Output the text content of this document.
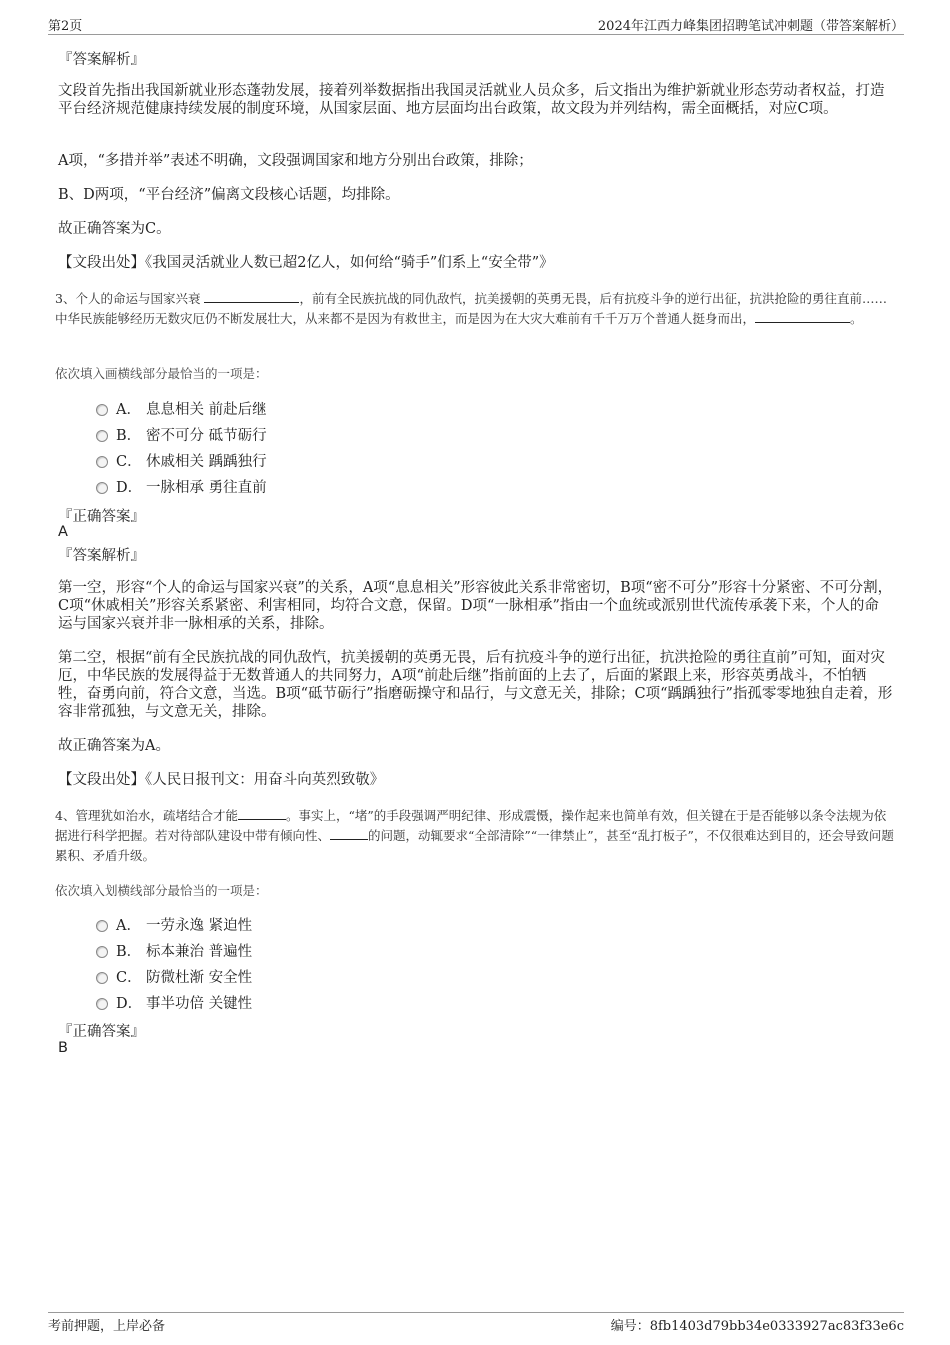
第2页	2024年江西力峰集团招聘笔试冲刺题（带答案解析）
『答案解析』
文段首先指出我国新就业形态蓬勃发展，接着列举数据指出我国灵活就业人员众多，后文指出为维护新就业形态劳动者权益，打造平台经济规范健康持续发展的制度环境，从国家层面、地方层面均出台政策，故文段为并列结构，需全面概括，对应C项。
A项，“多措并举”表述不明确，文段强调国家和地方分别出台政策，排除；
B、D两项，“平台经济”偏离文段核心话题，均排除。
故正确答案为C。
【文段出处】《我国灵活就业人数已超2亿人，如何给“骑手”们系上“安全带”》
3、个人的命运与国家兴衰	，前有全民族抗战的同仇敌忾，抗美援朝的英勇无畏，后有抗疫斗争的逆行出征，抗洪抢险的勇往直前……中华民族能够经历无数灾厄仍不断发展壮大，从来都不是因为有救世主，而是因为在大灾大难前有千千万万个普通人挺身而出，	。
依次填入画横线部分最恰当的一项是：
A． 息息相关 前赴后继
B． 密不可分 砥节砺行
C． 休戚相关 踽踽独行
D． 一脉相承 勇往直前
『正确答案』
A
『答案解析』
第一空，形容“个人的命运与国家兴衰”的关系，A项“息息相关”形容彼此关系非常密切，B项“密不可分”形容十分紧密、不可分割，C项“休戚相关”形容关系紧密、利害相同，均符合文意，保留。D项“一脉相承”指由一个血统或派别世代流传承袭下来，个人的命运与国家兴衰并非一脉相承的关系，排除。
第二空，根据“前有全民族抗战的同仇敌忾，抗美援朝的英勇无畏，后有抗疫斗争的逆行出征，抗洪抢险的勇往直前”可知，面对灾厄，中华民族的发展得益于无数普通人的共同努力，A项“前赴后继”指前面的上去了，后面的紧跟上来，形容英勇战斗，不怕牺牲，奋勇向前，符合文意，当选。B项“砥节砺行”指磨砺操守和品行，与文意无关，排除；C项“踽踽独行”指孤零零地独自走着，形容非常孤独，与文意无关，排除。
故正确答案为A。
【文段出处】《人民日报刊文：用奋斗向英烈致敬》
4、管理犹如治水，疏堵结合才能	。事实上，“堵”的手段强调严明纪律、形成震慑，操作起来也简单有效，但关键在于是否能够以条令法规为依据进行科学把握。若对待部队建设中带有倾向性、	的问题，动辄要求“全部清除”“一律禁止”，甚至“乱打板子”，不仅很难达到目的，还会导致问题累积、矛盾升级。
依次填入划横线部分最恰当的一项是：
A． 一劳永逸 紧迫性
B． 标本兼治 普遍性
C． 防微杜渐 安全性
D． 事半功倍 关键性
『正确答案』
B
考前押题，上岸必备	编号：8fb1403d79bb34e0333927ac83f33e6c
